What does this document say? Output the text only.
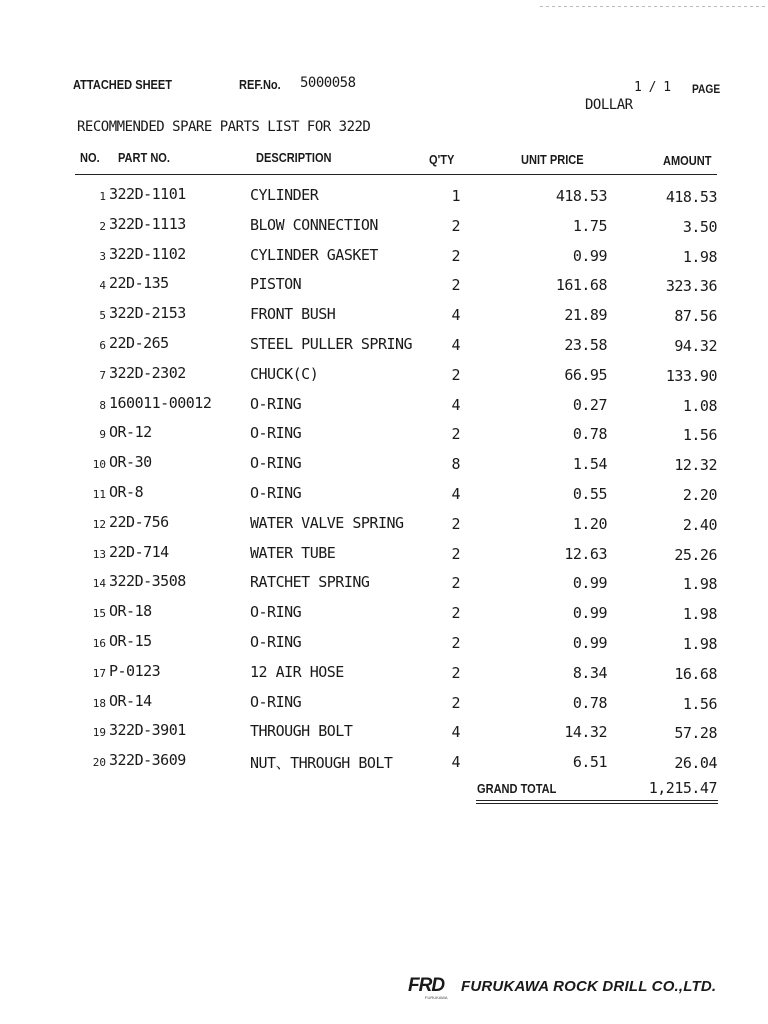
ATTACHED SHEET	REF.No. 5000058	1 / 1 PAGE
DOLLAR
RECOMMENDED SPARE PARTS LIST FOR 322D
NO. PART NO.	DESCRIPTION	Q'TY	UNIT PRICE	AMOUNT
1 322D-1101	CYLINDER	1	418.53	418.53
2 322D-1113	BLOW CONNECTION	2	1.75	3.50
3 322D-1102	CYLINDER GASKET	2	0.99	1.98
4 22D-135	PISTON	2	161.68	323.36
5 322D-2153	FRONT BUSH	4	21.89	87.56
6 22D-265	STEEL PULLER SPRING	4	23.58	94.32
7 322D-2302	CHUCK(C)	2	66.95	133.90
8 160011-00012	O-RING	4	0.27	1.08
9 OR-12	O-RING	2	0.78	1.56
10 OR-30	O-RING	8	1.54	12.32
11 OR-8	O-RING	4	0.55	2.20
12 22D-756	WATER VALVE SPRING	2	1.20	2.40
13 22D-714	WATER TUBE	2	12.63	25.26
14 322D-3508	RATCHET SPRING	2	0.99	1.98
15 OR-18	O-RING	2	0.99	1.98
16 OR-15	O-RING	2	0.99	1.98
17 P-0123	12 AIR HOSE	2	8.34	16.68
18 OR-14	O-RING	2	0.78	1.56
19 322D-3901	THROUGH BOLT	4	14.32	57.28
20 322D-3609	NUT、THROUGH BOLT	4	6.51	26.04
GRAND TOTAL	1,215.47
FRD
FURUKAWA
FURUKAWA ROCK DRILL CO.,LTD.
